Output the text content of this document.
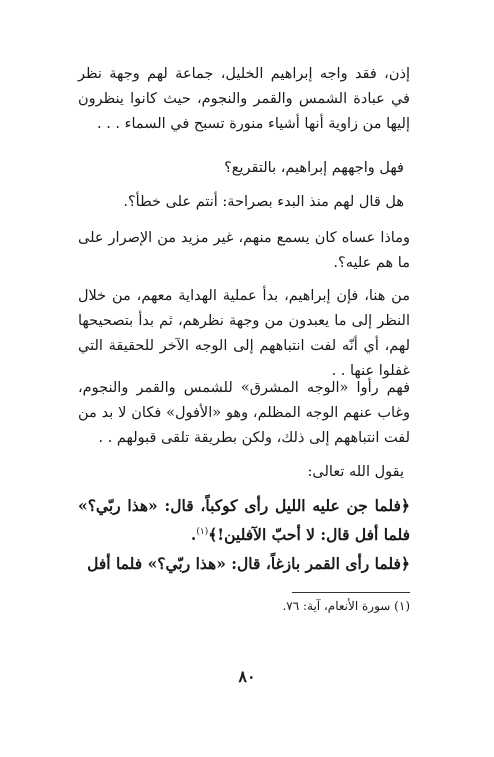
إذن، فقد واجه إبراهيم الخليل، جماعة لهم وجهة نظر في عبادة الشمس والقمر والنجوم، حيث كانوا ينظرون إليها من زاوية أنها أشياء منورة تسبح في السماء . . .

فهل واجههم إبراهيم، بالتقريع؟

هل قال لهم منذ البدء بصراحة: أنتم على خطأ؟.

وماذا عساه كان يسمع منهم، غير مزيد من الإصرار على ما هم عليه؟.

من هنا، فإن إبراهيم، بدأ عملية الهداية معهم، من خلال النظر إلى ما يعبدون من وجهة نظرهم، ثم بدأ بتصحيحها لهم، أي أنّه لفت انتباههم إلى الوجه الآخر للحقيقة التي غفلوا عنها . .

فهم رأوا «الوجه المشرق» للشمس والقمر والنجوم، وغاب عنهم الوجه المظلم، وهو «الأفول» فكان لا بد من لفت انتباههم إلى ذلك، ولكن بطريقة تلقى قبولهم . .

يقول الله تعالى:

﴿فلما جن عليه الليل رأى كوكباً، قال: «هذا ربّي؟» فلما أفل قال: لا أحبّ الآفلين!﴾$^{(١)}$.

﴿فلما رأى القمر بازغاً، قال: «هذا ربّي؟» فلما أفل

(١) سورة الأنعام، آية: ٧٦.

٨٠
